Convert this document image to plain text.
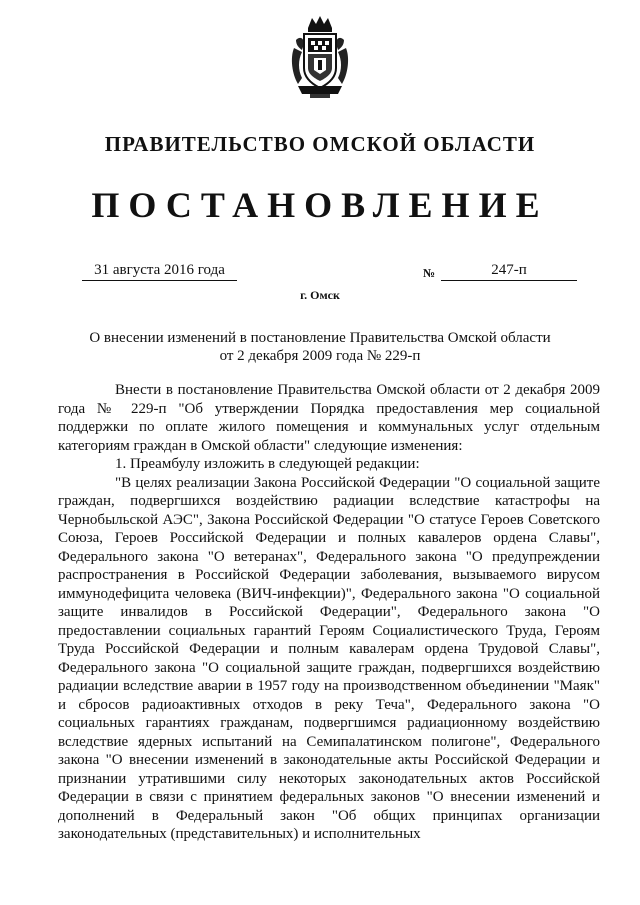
ПРАВИТЕЛЬСТВО ОМСКОЙ ОБЛАСТИ
ПОСТАНОВЛЕНИЕ
31 августа 2016 года	№	247-п
г. Омск
О внесении изменений в постановление Правительства Омской области
от 2 декабря 2009 года № 229-п

Внести в постановление Правительства Омской области от 2 декабря 2009 года № 229-п "Об утверждении Порядка предоставления мер социальной поддержки по оплате жилого помещения и коммунальных услуг отдельным категориям граждан в Омской области" следующие изменения:

1. Преамбулу изложить в следующей редакции:

"В целях реализации Закона Российской Федерации "О социальной защите граждан, подвергшихся воздействию радиации вследствие катастрофы на Чернобыльской АЭС", Закона Российской Федерации "О статусе Героев Советского Союза, Героев Российской Федерации и полных кавалеров ордена Славы", Федерального закона "О ветеранах", Федерального закона "О предупреждении распространения в Российской Федерации заболевания, вызываемого вирусом иммунодефицита человека (ВИЧ-инфекции)", Федерального закона "О социальной защите инвалидов в Российской Федерации", Федерального закона "О предоставлении социальных гарантий Героям Социалистического Труда, Героям Труда Российской Федерации и полным кавалерам ордена Трудовой Славы", Федерального закона "О социальной защите граждан, подвергшихся воздействию радиации вследствие аварии в 1957 году на производственном объединении "Маяк" и сбросов радиоактивных отходов в реку Теча", Федерального закона "О социальных гарантиях гражданам, подвергшимся радиационному воздействию вследствие ядерных испытаний на Семипалатинском полигоне", Федерального закона "О внесении изменений в законодательные акты Российской Федерации и признании утратившими силу некоторых законодательных актов Российской Федерации в связи с принятием федеральных законов "О внесении изменений и дополнений в Федеральный закон "Об общих принципах организации законодательных (представительных) и исполнительных
